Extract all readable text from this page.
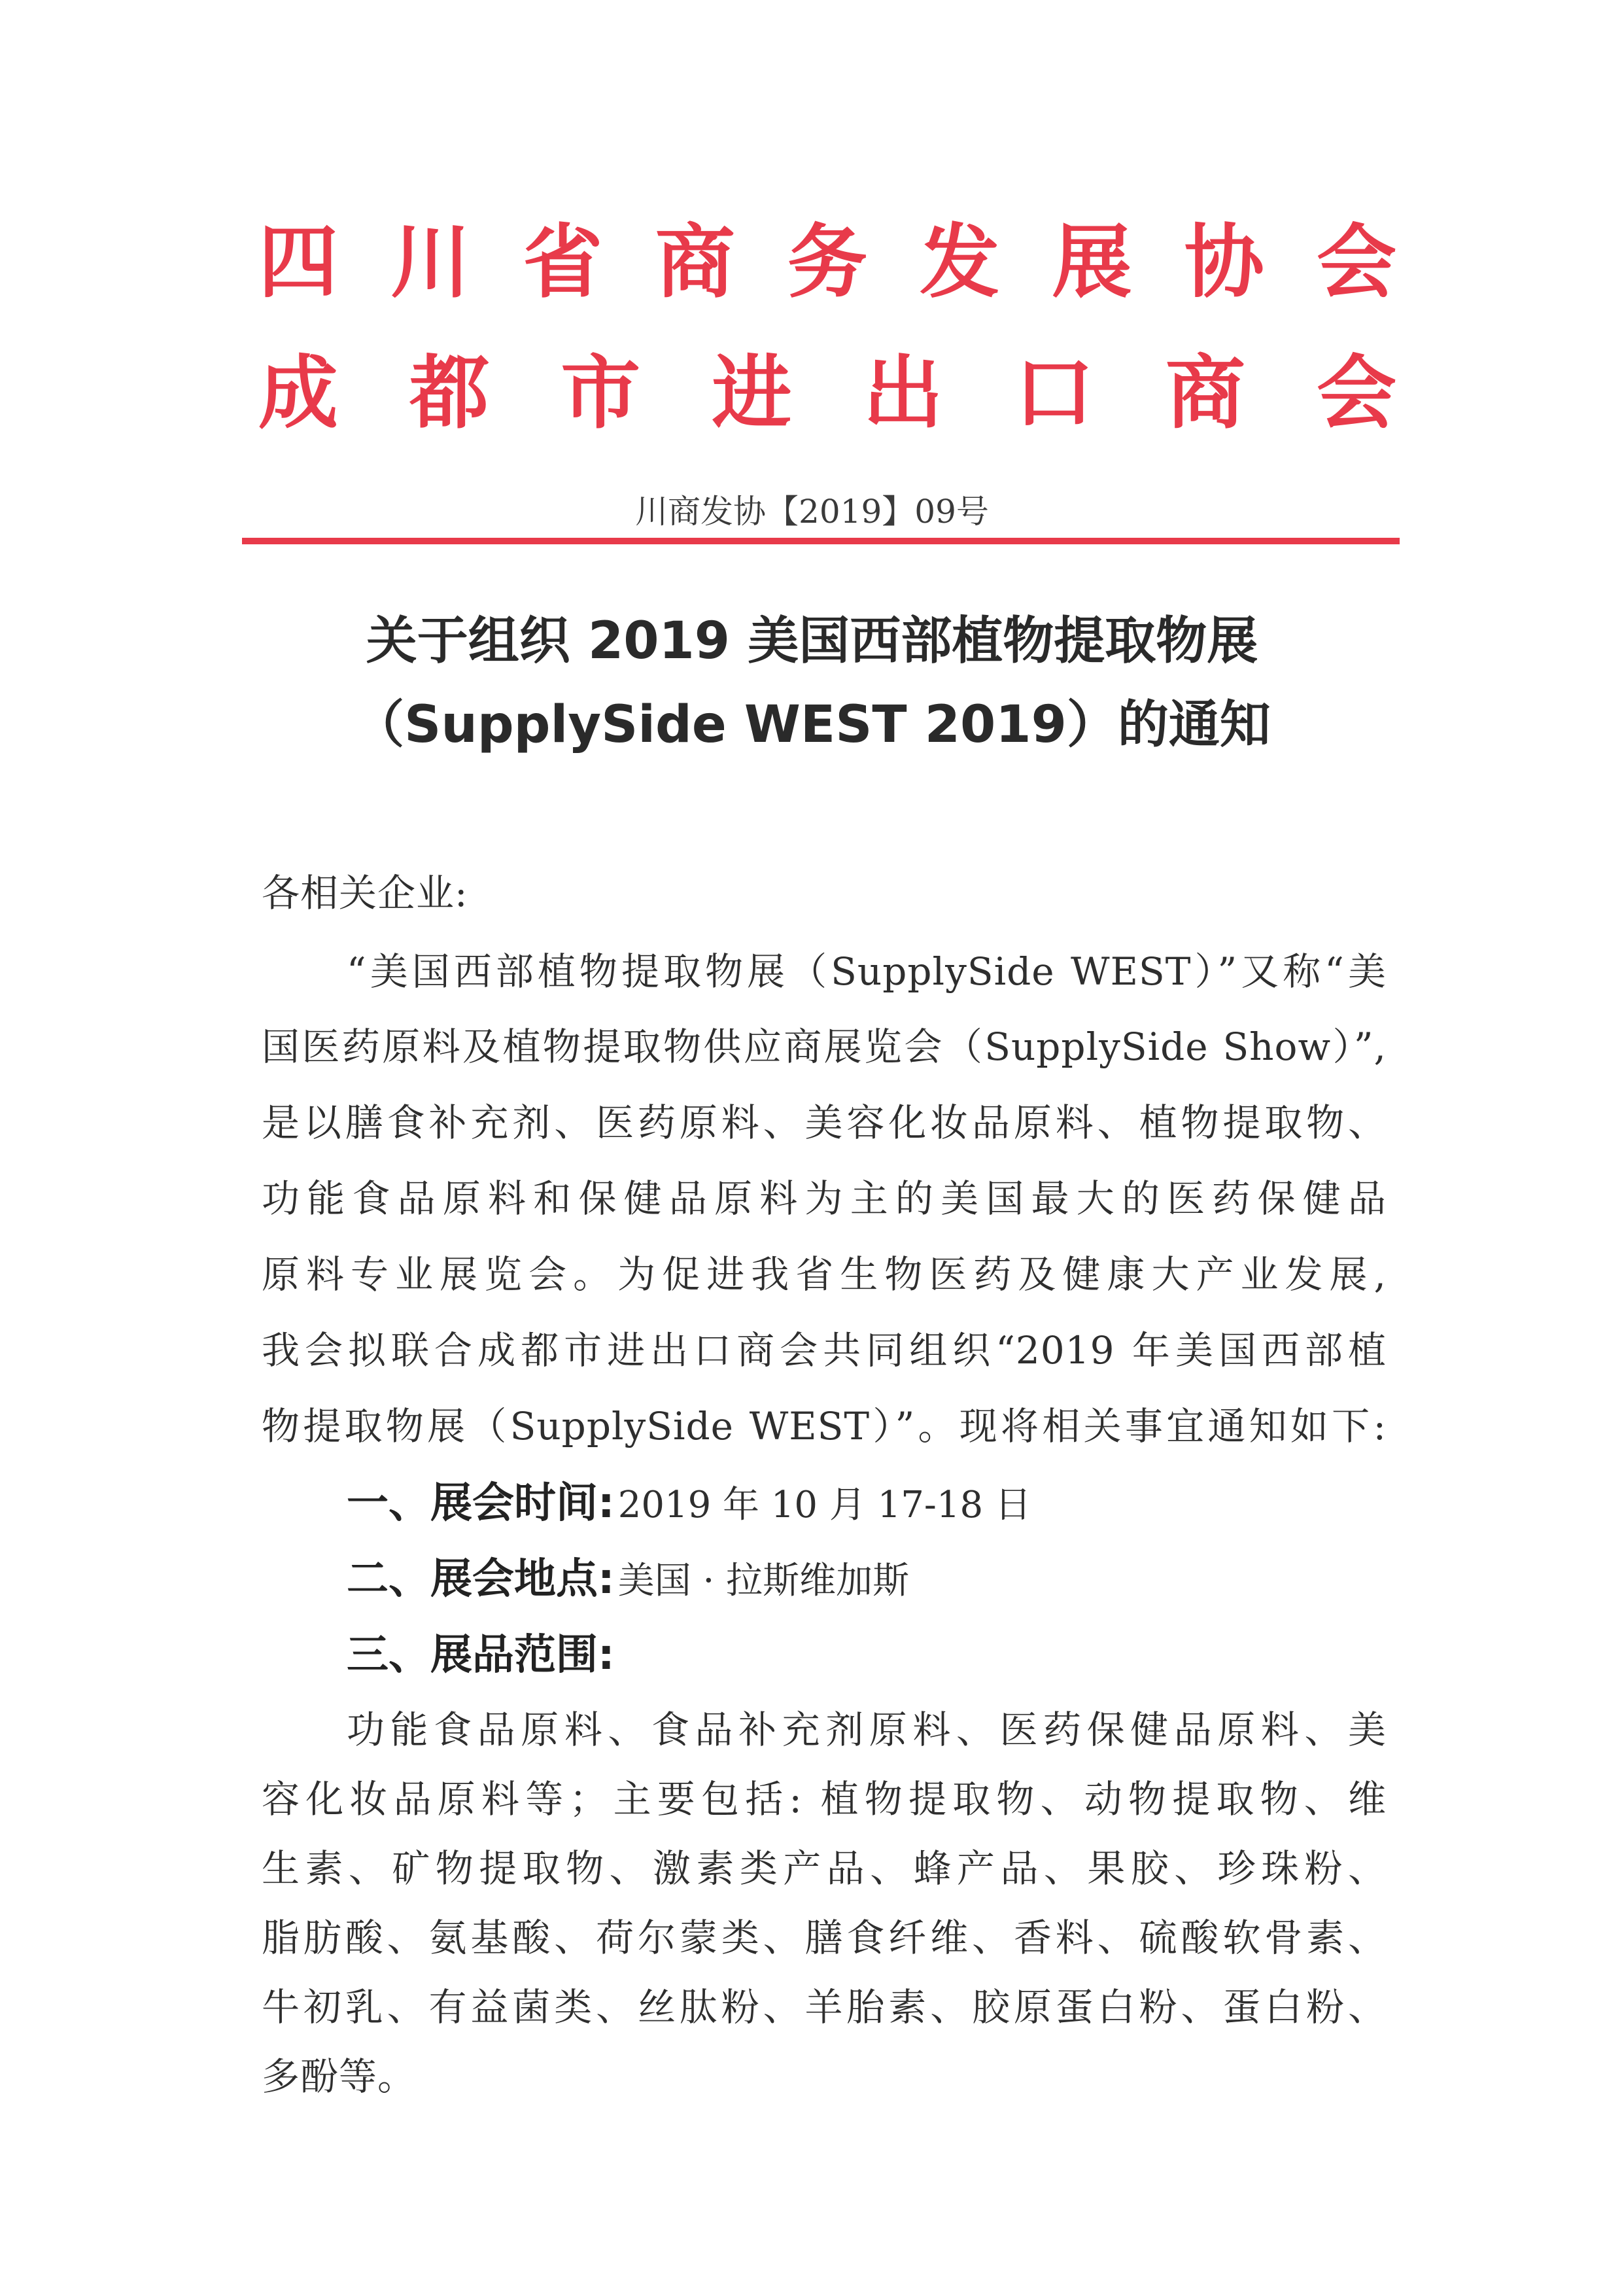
四 川 省 商 务 发 展 协 会
成 都 市 进 出 口 商 会

川商发协【2019】09号

关于组织 2019 美国西部植物提取物展
（SupplySide WEST 2019）的通知

各相关企业:

“美国西部植物提取物展（SupplySide WEST）”又称“美

国医药原料及植物提取物供应商展览会（SupplySide Show）”,

是以膳食补充剂、医药原料、美容化妆品原料、植物提取物、

功能食品原料和保健品原料为主的美国最大的医药保健品

原料专业展览会。为促进我省生物医药及健康大产业发展,

我会拟联合成都市进出口商会共同组织“2019 年美国西部植

物提取物展（SupplySide WEST）”。现将相关事宜通知如下:

一、展会时间: 2019 年 10 月 17-18 日

二、展会地点: 美国 · 拉斯维加斯

三、展品范围:

功能食品原料、食品补充剂原料、医药保健品原料、美

容化妆品原料等；主要包括: 植物提取物、动物提取物、维

生素、矿物提取物、激素类产品、蜂产品、果胶、珍珠粉、

脂肪酸、氨基酸、荷尔蒙类、膳食纤维、香料、硫酸软骨素、

牛初乳、有益菌类、丝肽粉、羊胎素、胶原蛋白粉、蛋白粉、

多酚等。
